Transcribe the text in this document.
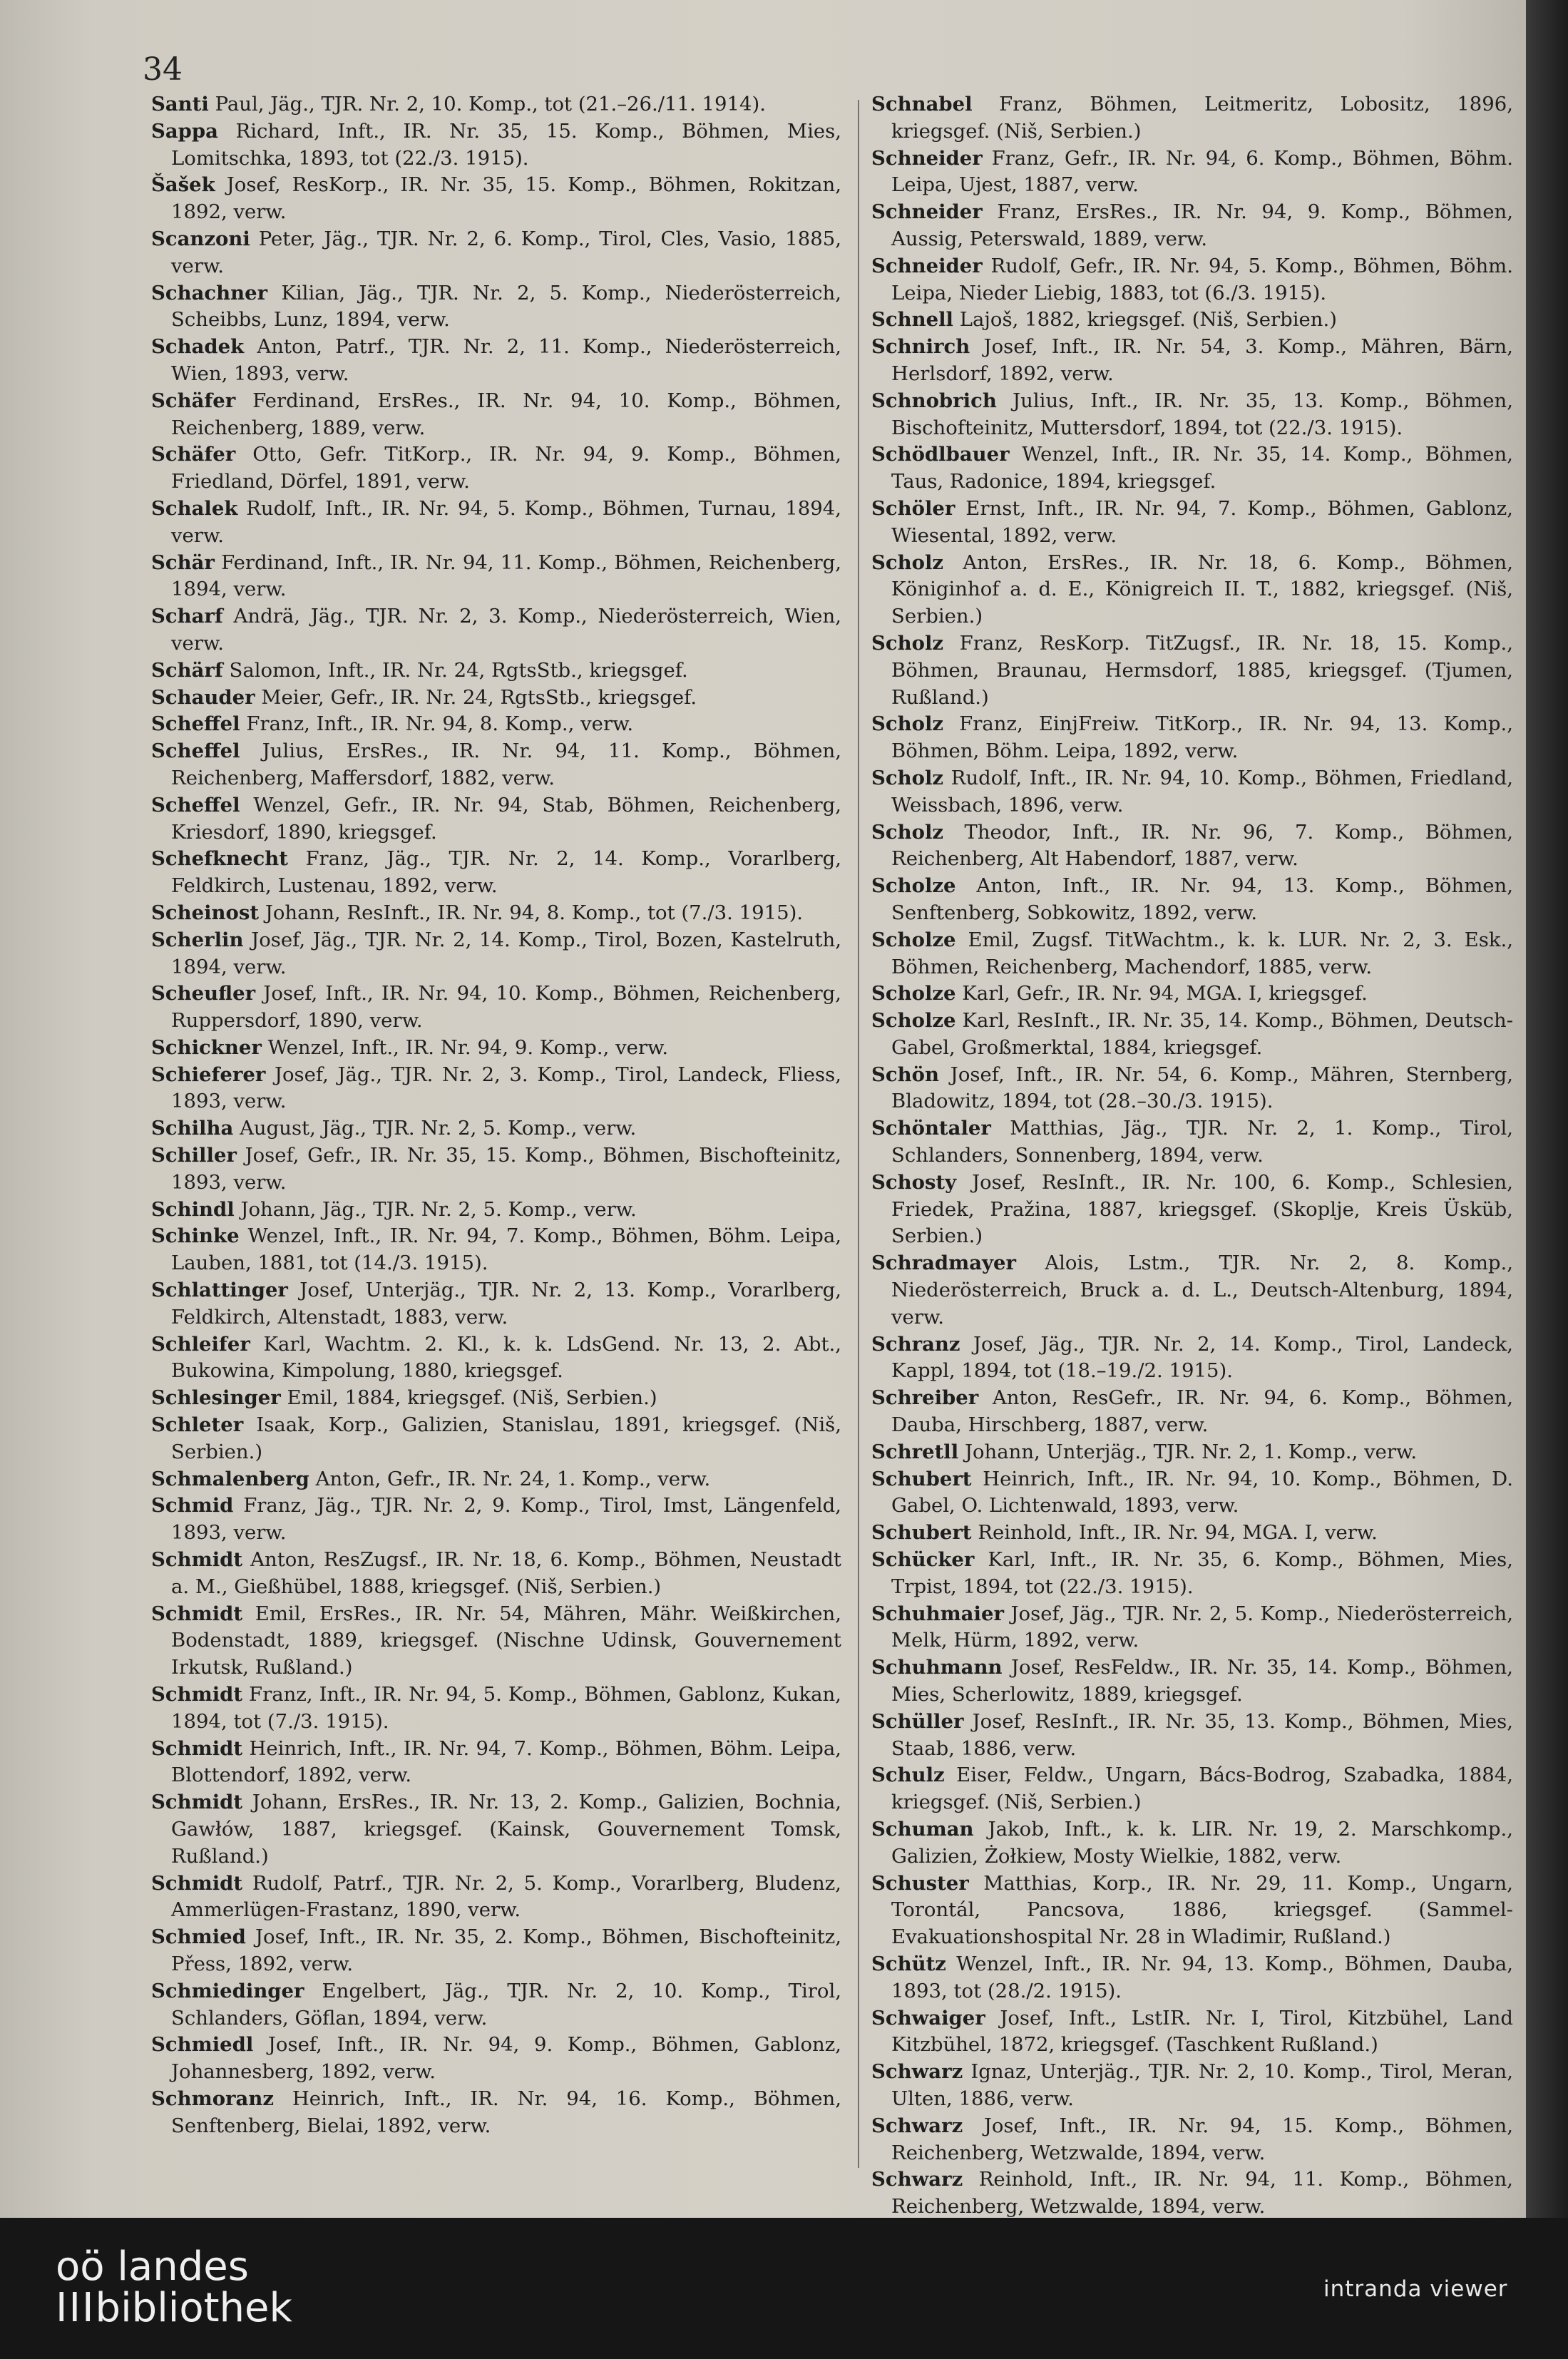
34

Santi Paul, Jäg., TJR. Nr. 2, 10. Komp., tot (21.–26./11. 1914).

Sappa Richard, Inft., IR. Nr. 35, 15. Komp., Böhmen, Mies, Lomitschka, 1893, tot (22./3. 1915).

Šašek Josef, ResKorp., IR. Nr. 35, 15. Komp., Böhmen, Rokitzan, 1892, verw.

Scanzoni Peter, Jäg., TJR. Nr. 2, 6. Komp., Tirol, Cles, Vasio, 1885, verw.

Schachner Kilian, Jäg., TJR. Nr. 2, 5. Komp., Niederösterreich, Scheibbs, Lunz, 1894, verw.

Schadek Anton, Patrf., TJR. Nr. 2, 11. Komp., Niederösterreich, Wien, 1893, verw.

Schäfer Ferdinand, ErsRes., IR. Nr. 94, 10. Komp., Böhmen, Reichenberg, 1889, verw.

Schäfer Otto, Gefr. TitKorp., IR. Nr. 94, 9. Komp., Böhmen, Friedland, Dörfel, 1891, verw.

Schalek Rudolf, Inft., IR. Nr. 94, 5. Komp., Böhmen, Turnau, 1894, verw.

Schär Ferdinand, Inft., IR. Nr. 94, 11. Komp., Böhmen, Reichenberg, 1894, verw.

Scharf Andrä, Jäg., TJR. Nr. 2, 3. Komp., Niederösterreich, Wien, verw.

Schärf Salomon, Inft., IR. Nr. 24, RgtsStb., kriegsgef.

Schauder Meier, Gefr., IR. Nr. 24, RgtsStb., kriegsgef.

Scheffel Franz, Inft., IR. Nr. 94, 8. Komp., verw.

Scheffel Julius, ErsRes., IR. Nr. 94, 11. Komp., Böhmen, Reichenberg, Maffersdorf, 1882, verw.

Scheffel Wenzel, Gefr., IR. Nr. 94, Stab, Böhmen, Reichenberg, Kriesdorf, 1890, kriegsgef.

Schefknecht Franz, Jäg., TJR. Nr. 2, 14. Komp., Vorarlberg, Feldkirch, Lustenau, 1892, verw.

Scheinost Johann, ResInft., IR. Nr. 94, 8. Komp., tot (7./3. 1915).

Scherlin Josef, Jäg., TJR. Nr. 2, 14. Komp., Tirol, Bozen, Kastelruth, 1894, verw.

Scheufler Josef, Inft., IR. Nr. 94, 10. Komp., Böhmen, Reichenberg, Ruppersdorf, 1890, verw.

Schickner Wenzel, Inft., IR. Nr. 94, 9. Komp., verw.

Schieferer Josef, Jäg., TJR. Nr. 2, 3. Komp., Tirol, Landeck, Fliess, 1893, verw.

Schilha August, Jäg., TJR. Nr. 2, 5. Komp., verw.

Schiller Josef, Gefr., IR. Nr. 35, 15. Komp., Böhmen, Bischofteinitz, 1893, verw.

Schindl Johann, Jäg., TJR. Nr. 2, 5. Komp., verw.

Schinke Wenzel, Inft., IR. Nr. 94, 7. Komp., Böhmen, Böhm. Leipa, Lauben, 1881, tot (14./3. 1915).

Schlattinger Josef, Unterjäg., TJR. Nr. 2, 13. Komp., Vorarlberg, Feldkirch, Altenstadt, 1883, verw.

Schleifer Karl, Wachtm. 2. Kl., k. k. LdsGend. Nr. 13, 2. Abt., Bukowina, Kimpolung, 1880, kriegsgef.

Schlesinger Emil, 1884, kriegsgef. (Niš, Serbien.)

Schleter Isaak, Korp., Galizien, Stanislau, 1891, kriegsgef. (Niš, Serbien.)

Schmalenberg Anton, Gefr., IR. Nr. 24, 1. Komp., verw.

Schmid Franz, Jäg., TJR. Nr. 2, 9. Komp., Tirol, Imst, Längenfeld, 1893, verw.

Schmidt Anton, ResZugsf., IR. Nr. 18, 6. Komp., Böhmen, Neustadt a. M., Gießhübel, 1888, kriegsgef. (Niš, Serbien.)

Schmidt Emil, ErsRes., IR. Nr. 54, Mähren, Mähr. Weißkirchen, Bodenstadt, 1889, kriegsgef. (Nischne Udinsk, Gouvernement Irkutsk, Rußland.)

Schmidt Franz, Inft., IR. Nr. 94, 5. Komp., Böhmen, Gablonz, Kukan, 1894, tot (7./3. 1915).

Schmidt Heinrich, Inft., IR. Nr. 94, 7. Komp., Böhmen, Böhm. Leipa, Blottendorf, 1892, verw.

Schmidt Johann, ErsRes., IR. Nr. 13, 2. Komp., Galizien, Bochnia, Gawłów, 1887, kriegsgef. (Kainsk, Gouvernement Tomsk, Rußland.)

Schmidt Rudolf, Patrf., TJR. Nr. 2, 5. Komp., Vorarlberg, Bludenz, Ammerlügen-Frastanz, 1890, verw.

Schmied Josef, Inft., IR. Nr. 35, 2. Komp., Böhmen, Bischofteinitz, Přess, 1892, verw.

Schmiedinger Engelbert, Jäg., TJR. Nr. 2, 10. Komp., Tirol, Schlanders, Göflan, 1894, verw.

Schmiedl Josef, Inft., IR. Nr. 94, 9. Komp., Böhmen, Gablonz, Johannesberg, 1892, verw.

Schmoranz Heinrich, Inft., IR. Nr. 94, 16. Komp., Böhmen, Senftenberg, Bielai, 1892, verw.

Schnabel Franz, Böhmen, Leitmeritz, Lobositz, 1896, kriegsgef. (Niš, Serbien.)

Schneider Franz, Gefr., IR. Nr. 94, 6. Komp., Böhmen, Böhm. Leipa, Ujest, 1887, verw.

Schneider Franz, ErsRes., IR. Nr. 94, 9. Komp., Böhmen, Aussig, Peterswald, 1889, verw.

Schneider Rudolf, Gefr., IR. Nr. 94, 5. Komp., Böhmen, Böhm. Leipa, Nieder Liebig, 1883, tot (6./3. 1915).

Schnell Lajoš, 1882, kriegsgef. (Niš, Serbien.)

Schnirch Josef, Inft., IR. Nr. 54, 3. Komp., Mähren, Bärn, Herlsdorf, 1892, verw.

Schnobrich Julius, Inft., IR. Nr. 35, 13. Komp., Böhmen, Bischofteinitz, Muttersdorf, 1894, tot (22./3. 1915).

Schödlbauer Wenzel, Inft., IR. Nr. 35, 14. Komp., Böhmen, Taus, Radonice, 1894, kriegsgef.

Schöler Ernst, Inft., IR. Nr. 94, 7. Komp., Böhmen, Gablonz, Wiesental, 1892, verw.

Scholz Anton, ErsRes., IR. Nr. 18, 6. Komp., Böhmen, Königinhof a. d. E., Königreich II. T., 1882, kriegsgef. (Niš, Serbien.)

Scholz Franz, ResKorp. TitZugsf., IR. Nr. 18, 15. Komp., Böhmen, Braunau, Hermsdorf, 1885, kriegsgef. (Tjumen, Rußland.)

Scholz Franz, EinjFreiw. TitKorp., IR. Nr. 94, 13. Komp., Böhmen, Böhm. Leipa, 1892, verw.

Scholz Rudolf, Inft., IR. Nr. 94, 10. Komp., Böhmen, Friedland, Weissbach, 1896, verw.

Scholz Theodor, Inft., IR. Nr. 96, 7. Komp., Böhmen, Reichenberg, Alt Habendorf, 1887, verw.

Scholze Anton, Inft., IR. Nr. 94, 13. Komp., Böhmen, Senftenberg, Sobkowitz, 1892, verw.

Scholze Emil, Zugsf. TitWachtm., k. k. LUR. Nr. 2, 3. Esk., Böhmen, Reichenberg, Machendorf, 1885, verw.

Scholze Karl, Gefr., IR. Nr. 94, MGA. I, kriegsgef.

Scholze Karl, ResInft., IR. Nr. 35, 14. Komp., Böhmen, Deutsch-Gabel, Großmerktal, 1884, kriegsgef.

Schön Josef, Inft., IR. Nr. 54, 6. Komp., Mähren, Sternberg, Bladowitz, 1894, tot (28.–30./3. 1915).

Schöntaler Matthias, Jäg., TJR. Nr. 2, 1. Komp., Tirol, Schlanders, Sonnenberg, 1894, verw.

Schosty Josef, ResInft., IR. Nr. 100, 6. Komp., Schlesien, Friedek, Pražina, 1887, kriegsgef. (Skoplje, Kreis Üsküb, Serbien.)

Schradmayer Alois, Lstm., TJR. Nr. 2, 8. Komp., Niederösterreich, Bruck a. d. L., Deutsch-Altenburg, 1894, verw.

Schranz Josef, Jäg., TJR. Nr. 2, 14. Komp., Tirol, Landeck, Kappl, 1894, tot (18.–19./2. 1915).

Schreiber Anton, ResGefr., IR. Nr. 94, 6. Komp., Böhmen, Dauba, Hirschberg, 1887, verw.

Schretll Johann, Unterjäg., TJR. Nr. 2, 1. Komp., verw.

Schubert Heinrich, Inft., IR. Nr. 94, 10. Komp., Böhmen, D. Gabel, O. Lichtenwald, 1893, verw.

Schubert Reinhold, Inft., IR. Nr. 94, MGA. I, verw.

Schücker Karl, Inft., IR. Nr. 35, 6. Komp., Böhmen, Mies, Trpist, 1894, tot (22./3. 1915).

Schuhmaier Josef, Jäg., TJR. Nr. 2, 5. Komp., Niederösterreich, Melk, Hürm, 1892, verw.

Schuhmann Josef, ResFeldw., IR. Nr. 35, 14. Komp., Böhmen, Mies, Scherlowitz, 1889, kriegsgef.

Schüller Josef, ResInft., IR. Nr. 35, 13. Komp., Böhmen, Mies, Staab, 1886, verw.

Schulz Eiser, Feldw., Ungarn, Bács-Bodrog, Szabadka, 1884, kriegsgef. (Niš, Serbien.)

Schuman Jakob, Inft., k. k. LIR. Nr. 19, 2. Marschkomp., Galizien, Żołkiew, Mosty Wielkie, 1882, verw.

Schuster Matthias, Korp., IR. Nr. 29, 11. Komp., Ungarn, Torontál, Pancsova, 1886, kriegsgef. (Sammel-Evakuationshospital Nr. 28 in Wladimir, Rußland.)

Schütz Wenzel, Inft., IR. Nr. 94, 13. Komp., Böhmen, Dauba, 1893, tot (28./2. 1915).

Schwaiger Josef, Inft., LstIR. Nr. I, Tirol, Kitzbühel, Land Kitzbühel, 1872, kriegsgef. (Taschkent Rußland.)

Schwarz Ignaz, Unterjäg., TJR. Nr. 2, 10. Komp., Tirol, Meran, Ulten, 1886, verw.

Schwarz Josef, Inft., IR. Nr. 94, 15. Komp., Böhmen, Reichenberg, Wetzwalde, 1894, verw.

Schwarz Reinhold, Inft., IR. Nr. 94, 11. Komp., Böhmen, Reichenberg, Wetzwalde, 1894, verw.

oö landes
IIIbibliothek	intranda viewer
